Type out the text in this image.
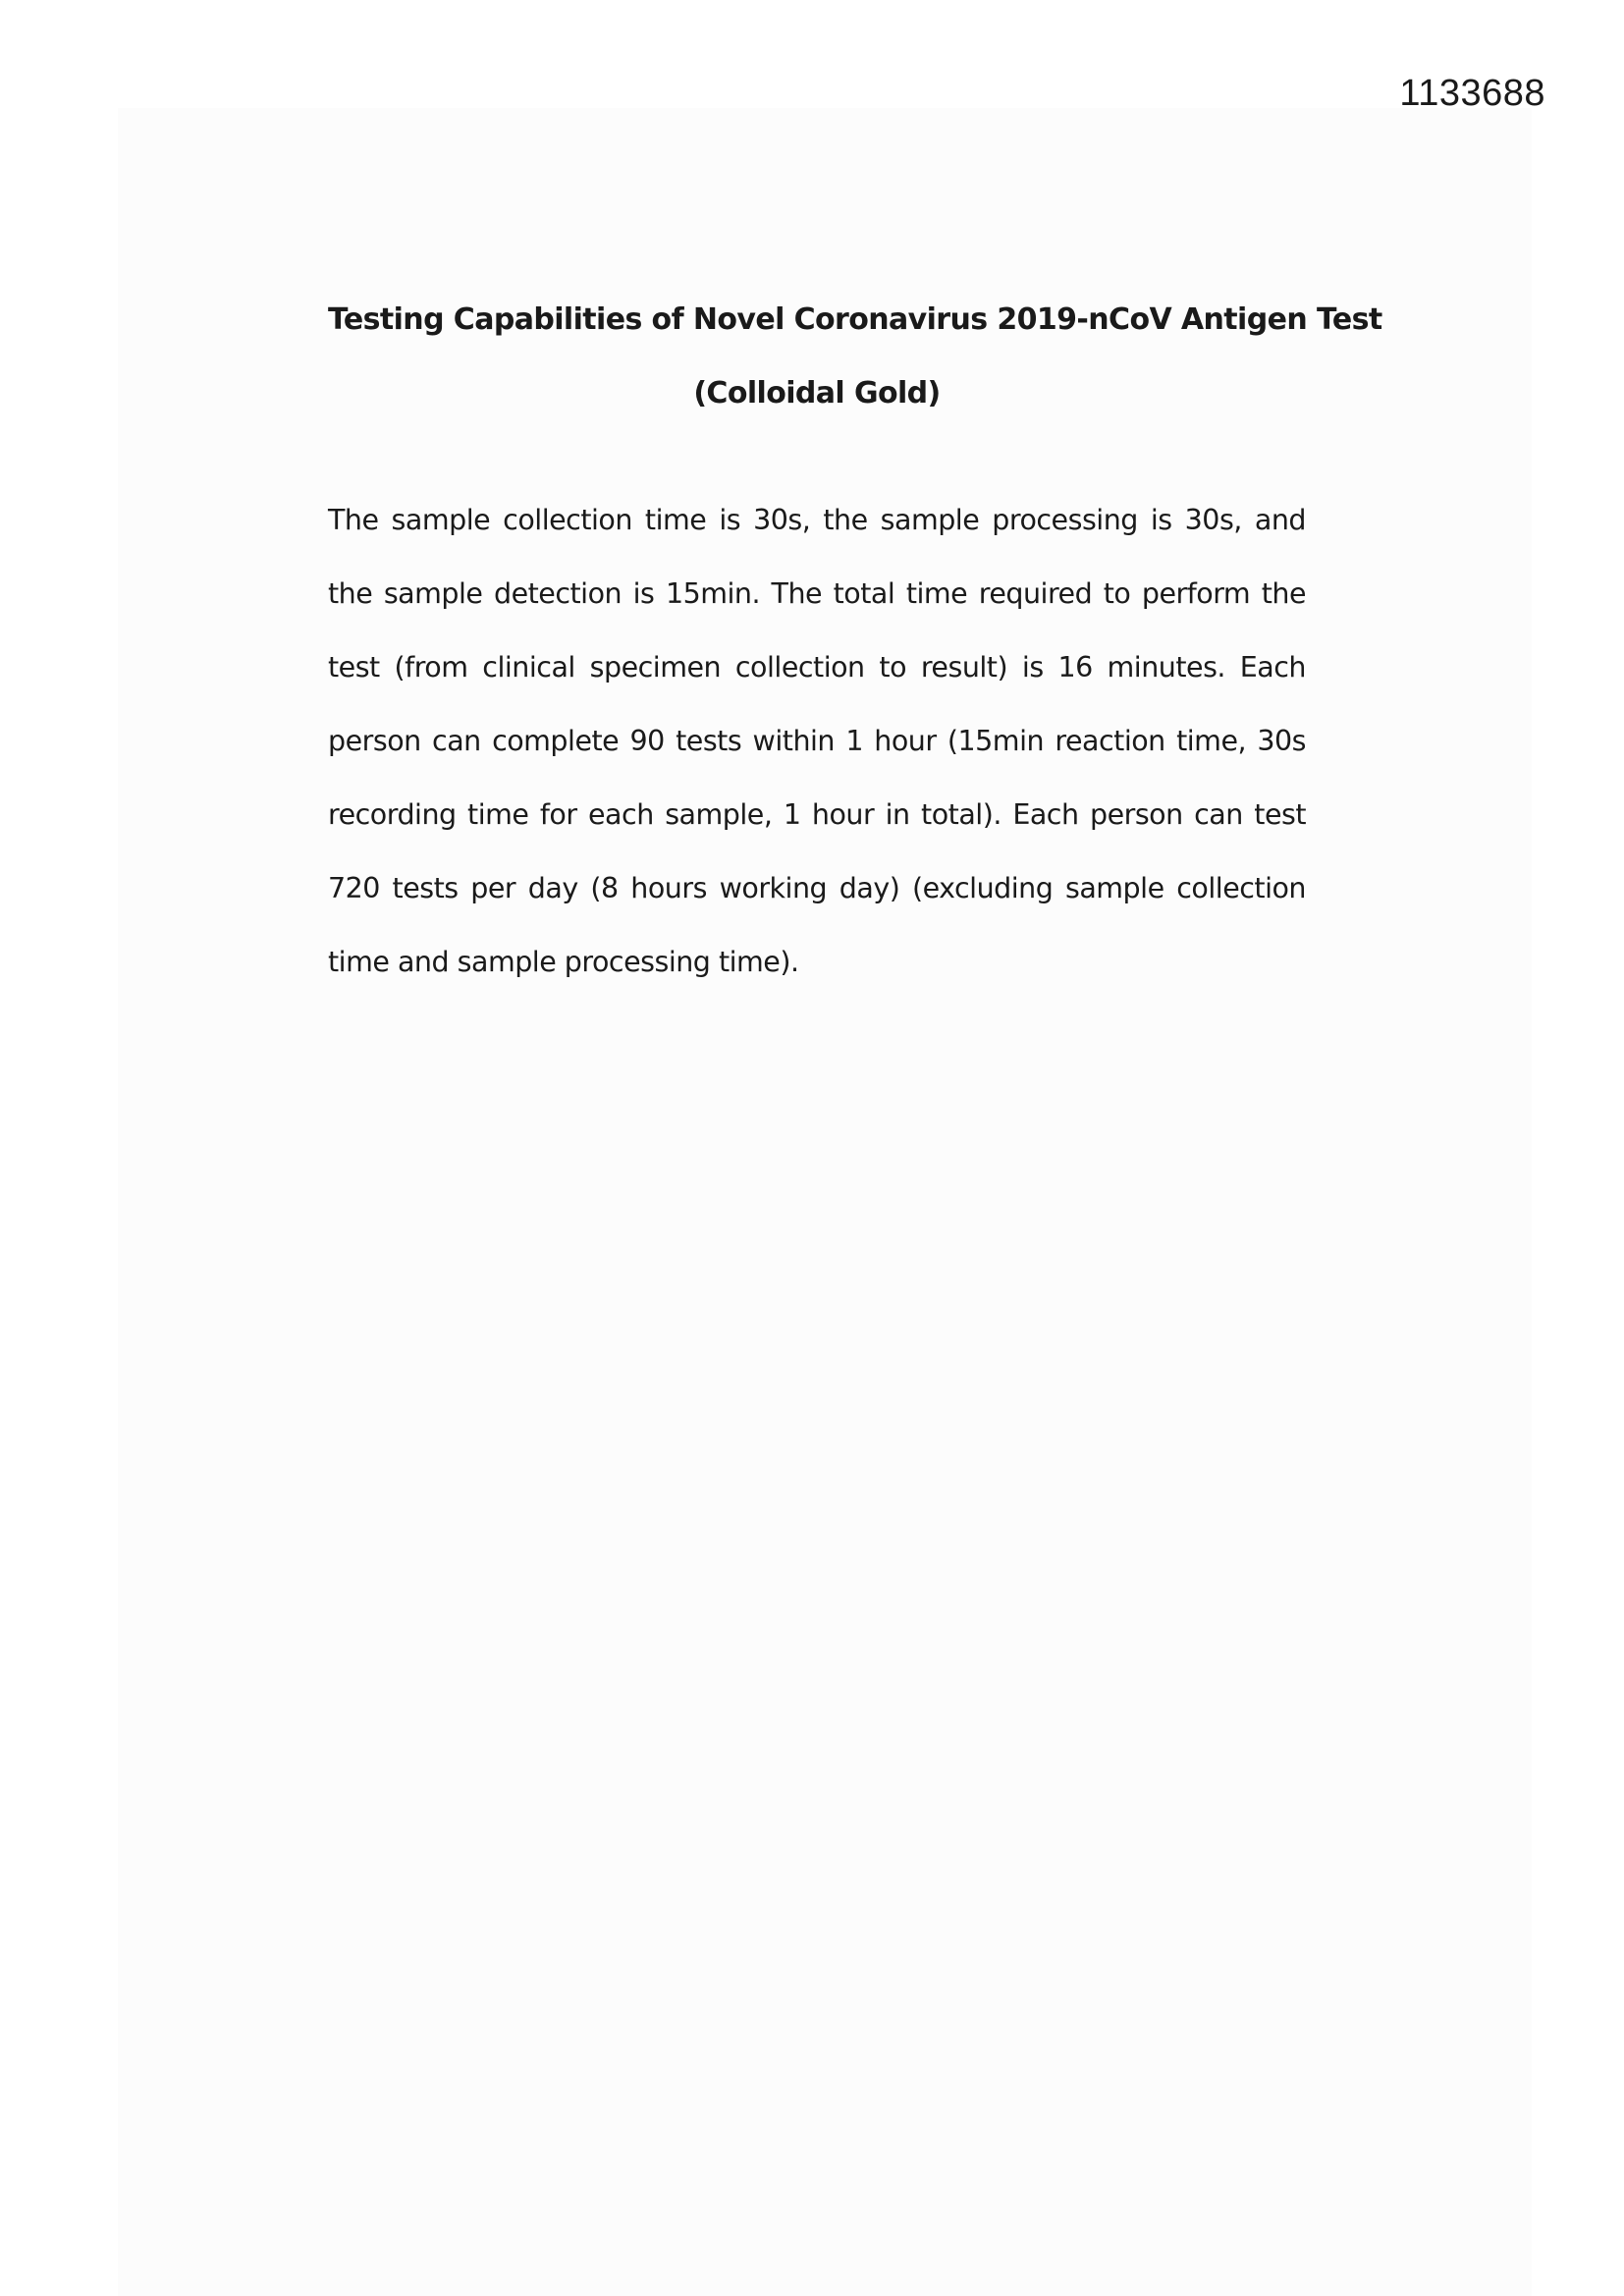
1133688
Testing Capabilities of Novel Coronavirus 2019-nCoV Antigen Test
(Colloidal Gold)

The sample collection time is 30s, the sample processing is 30s, and the sample detection is 15min. The total time required to perform the test (from clinical specimen collection to result) is 16 minutes. Each person can complete 90 tests within 1 hour (15min reaction time, 30s recording time for each sample, 1 hour in total). Each person can test 720 tests per day (8 hours working day) (excluding sample collection time and sample processing time).
